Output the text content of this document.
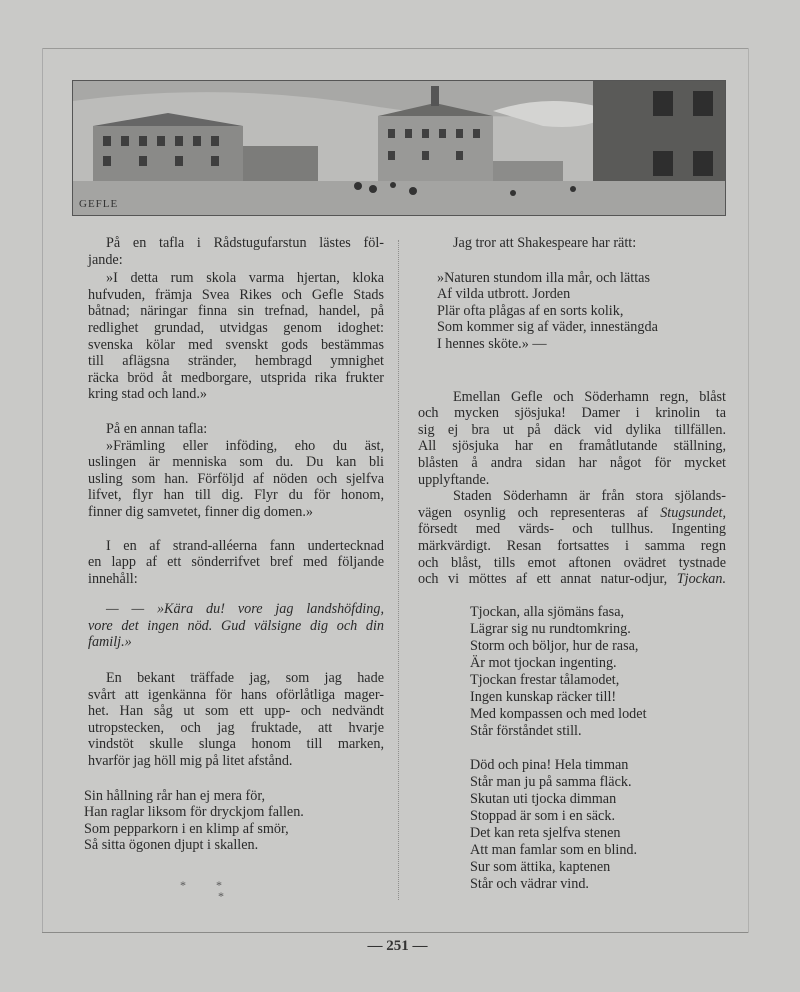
GEFLE
På en tafla i Rådstugufarstun lästes föl-
jande:
»I detta rum skola varma hjertan, kloka
hufvuden, främja Svea Rikes och Gefle Stads
båtnad; näringar finna sin trefnad, handel, på
redlighet grundad, utvidgas genom idoghet:
svenska kölar med svenskt gods bestämmas
till aflägsna stränder, hembragd ymnighet
räcka bröd åt medborgare, utsprida rika frukter
kring stad och land.»
På en annan tafla:
»Främling eller inföding, eho du äst,
uslingen är menniska som du. Du kan bli
usling som han. Förföljd af nöden och sjelfva
lifvet, flyr han till dig. Flyr du för honom,
finner dig samvetet, finner dig domen.»
I en af strand-alléerna fann undertecknad
en lapp af ett sönderrifvet bref med följande
innehåll:
— — »Kära du! vore jag landshöfding,
vore det ingen nöd. Gud välsigne dig och din
familj.»
En bekant träffade jag, som jag hade
svårt att igenkänna för hans oförlåtliga mager-
het. Han såg ut som ett upp- och nedvändt
utropstecken, och jag fruktade, att hvarje
vindstöt skulle slunga honom till marken,
hvarför jag höll mig på litet afstånd.
Sin hållning rår han ej mera för,
Han raglar liksom för dryckjom fallen.
Som pepparkorn i en klimp af smör,
Så sitta ögonen djupt i skallen.
*          *
*
Jag tror att Shakespeare har rätt:
»Naturen stundom illa mår, och lättas
Af vilda utbrott. Jorden
Plär ofta plågas af en sorts kolik,
Som kommer sig af väder, innestängda
I hennes sköte.» —
Emellan Gefle och Söderhamn regn, blåst
och mycken sjösjuka! Damer i krinolin ta
sig ej bra ut på däck vid dylika tillfällen.
All sjösjuka har en framåtlutande ställning,
blåsten å andra sidan har något för mycket
upplyftande.
Staden Söderhamn är från stora sjölands-
vägen osynlig och representeras af Stugsundet,
försedt med värds- och tullhus. Ingenting
märkvärdigt. Resan fortsattes i samma regn
och blåst, tills emot aftonen ovädret tystnade
och vi möttes af ett annat natur-odjur, Tjockan.
Tjockan, alla sjömäns fasa,
Lägrar sig nu rundtomkring.
Storm och böljor, hur de rasa,
Är mot tjockan ingenting.
Tjockan frestar tålamodet,
Ingen kunskap räcker till!
Med kompassen och med lodet
Står förståndet still.
Död och pina! Hela timman
Står man ju på samma fläck.
Skutan uti tjocka dimman
Stoppad är som i en säck.
Det kan reta sjelfva stenen
Att man famlar som en blind.
Sur som ättika, kaptenen
Står och vädrar vind.
— 251 —
